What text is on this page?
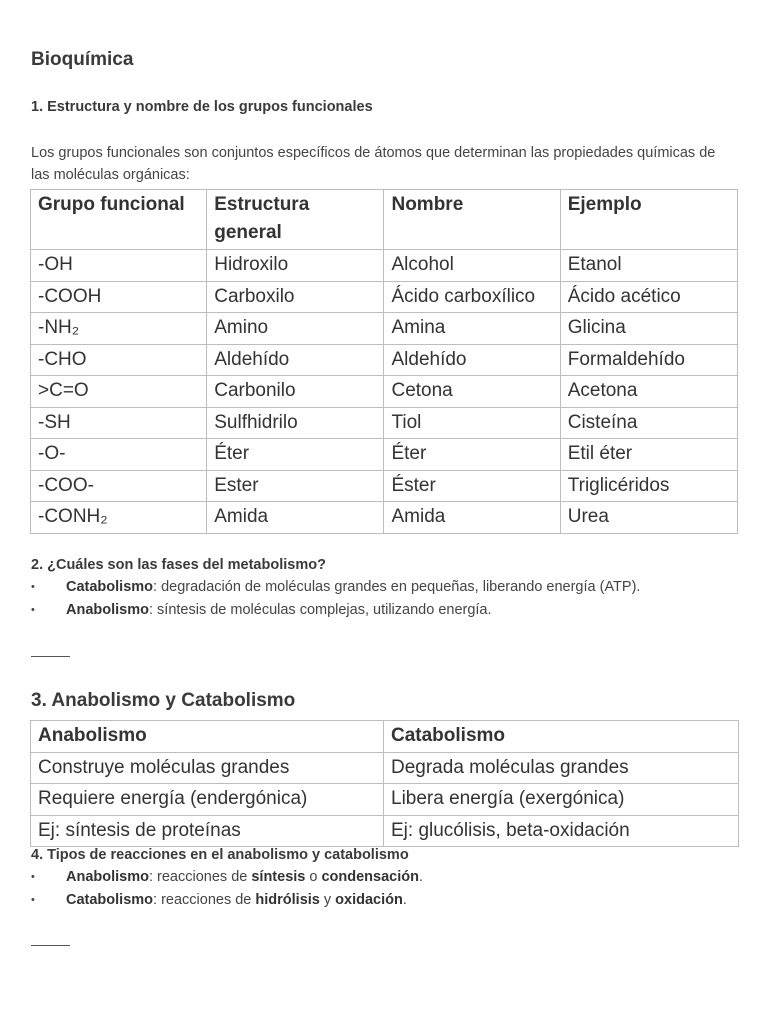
Bioquímica
1. Estructura y nombre de los grupos funcionales

Los grupos funcionales son conjuntos específicos de átomos que determinan las propiedades químicas de las moléculas orgánicas:

Grupo funcional	Estructura general	Nombre	Ejemplo
-OH	Hidroxilo	Alcohol	Etanol
-COOH	Carboxilo	Ácido carboxílico	Ácido acético
-NH₂	Amino	Amina	Glicina
-CHO	Aldehído	Aldehído	Formaldehído
>C=O	Carbonilo	Cetona	Acetona
-SH	Sulfhidrilo	Tiol	Cisteína
-O-	Éter	Éter	Etil éter
-COO-	Ester	Éster	Triglicéridos
-CONH₂	Amida	Amida	Urea
2. ¿Cuáles son las fases del metabolismo?
• Catabolismo: degradación de moléculas grandes en pequeñas, liberando energía (ATP).
• Anabolismo: síntesis de moléculas complejas, utilizando energía.
3. Anabolismo y Catabolismo
Anabolismo	Catabolismo
Construye moléculas grandes	Degrada moléculas grandes
Requiere energía (endergónica)	Libera energía (exergónica)
Ej: síntesis de proteínas	Ej: glucólisis, beta-oxidación
4. Tipos de reacciones en el anabolismo y catabolismo
• Anabolismo: reacciones de síntesis o condensación.
• Catabolismo: reacciones de hidrólisis y oxidación.
